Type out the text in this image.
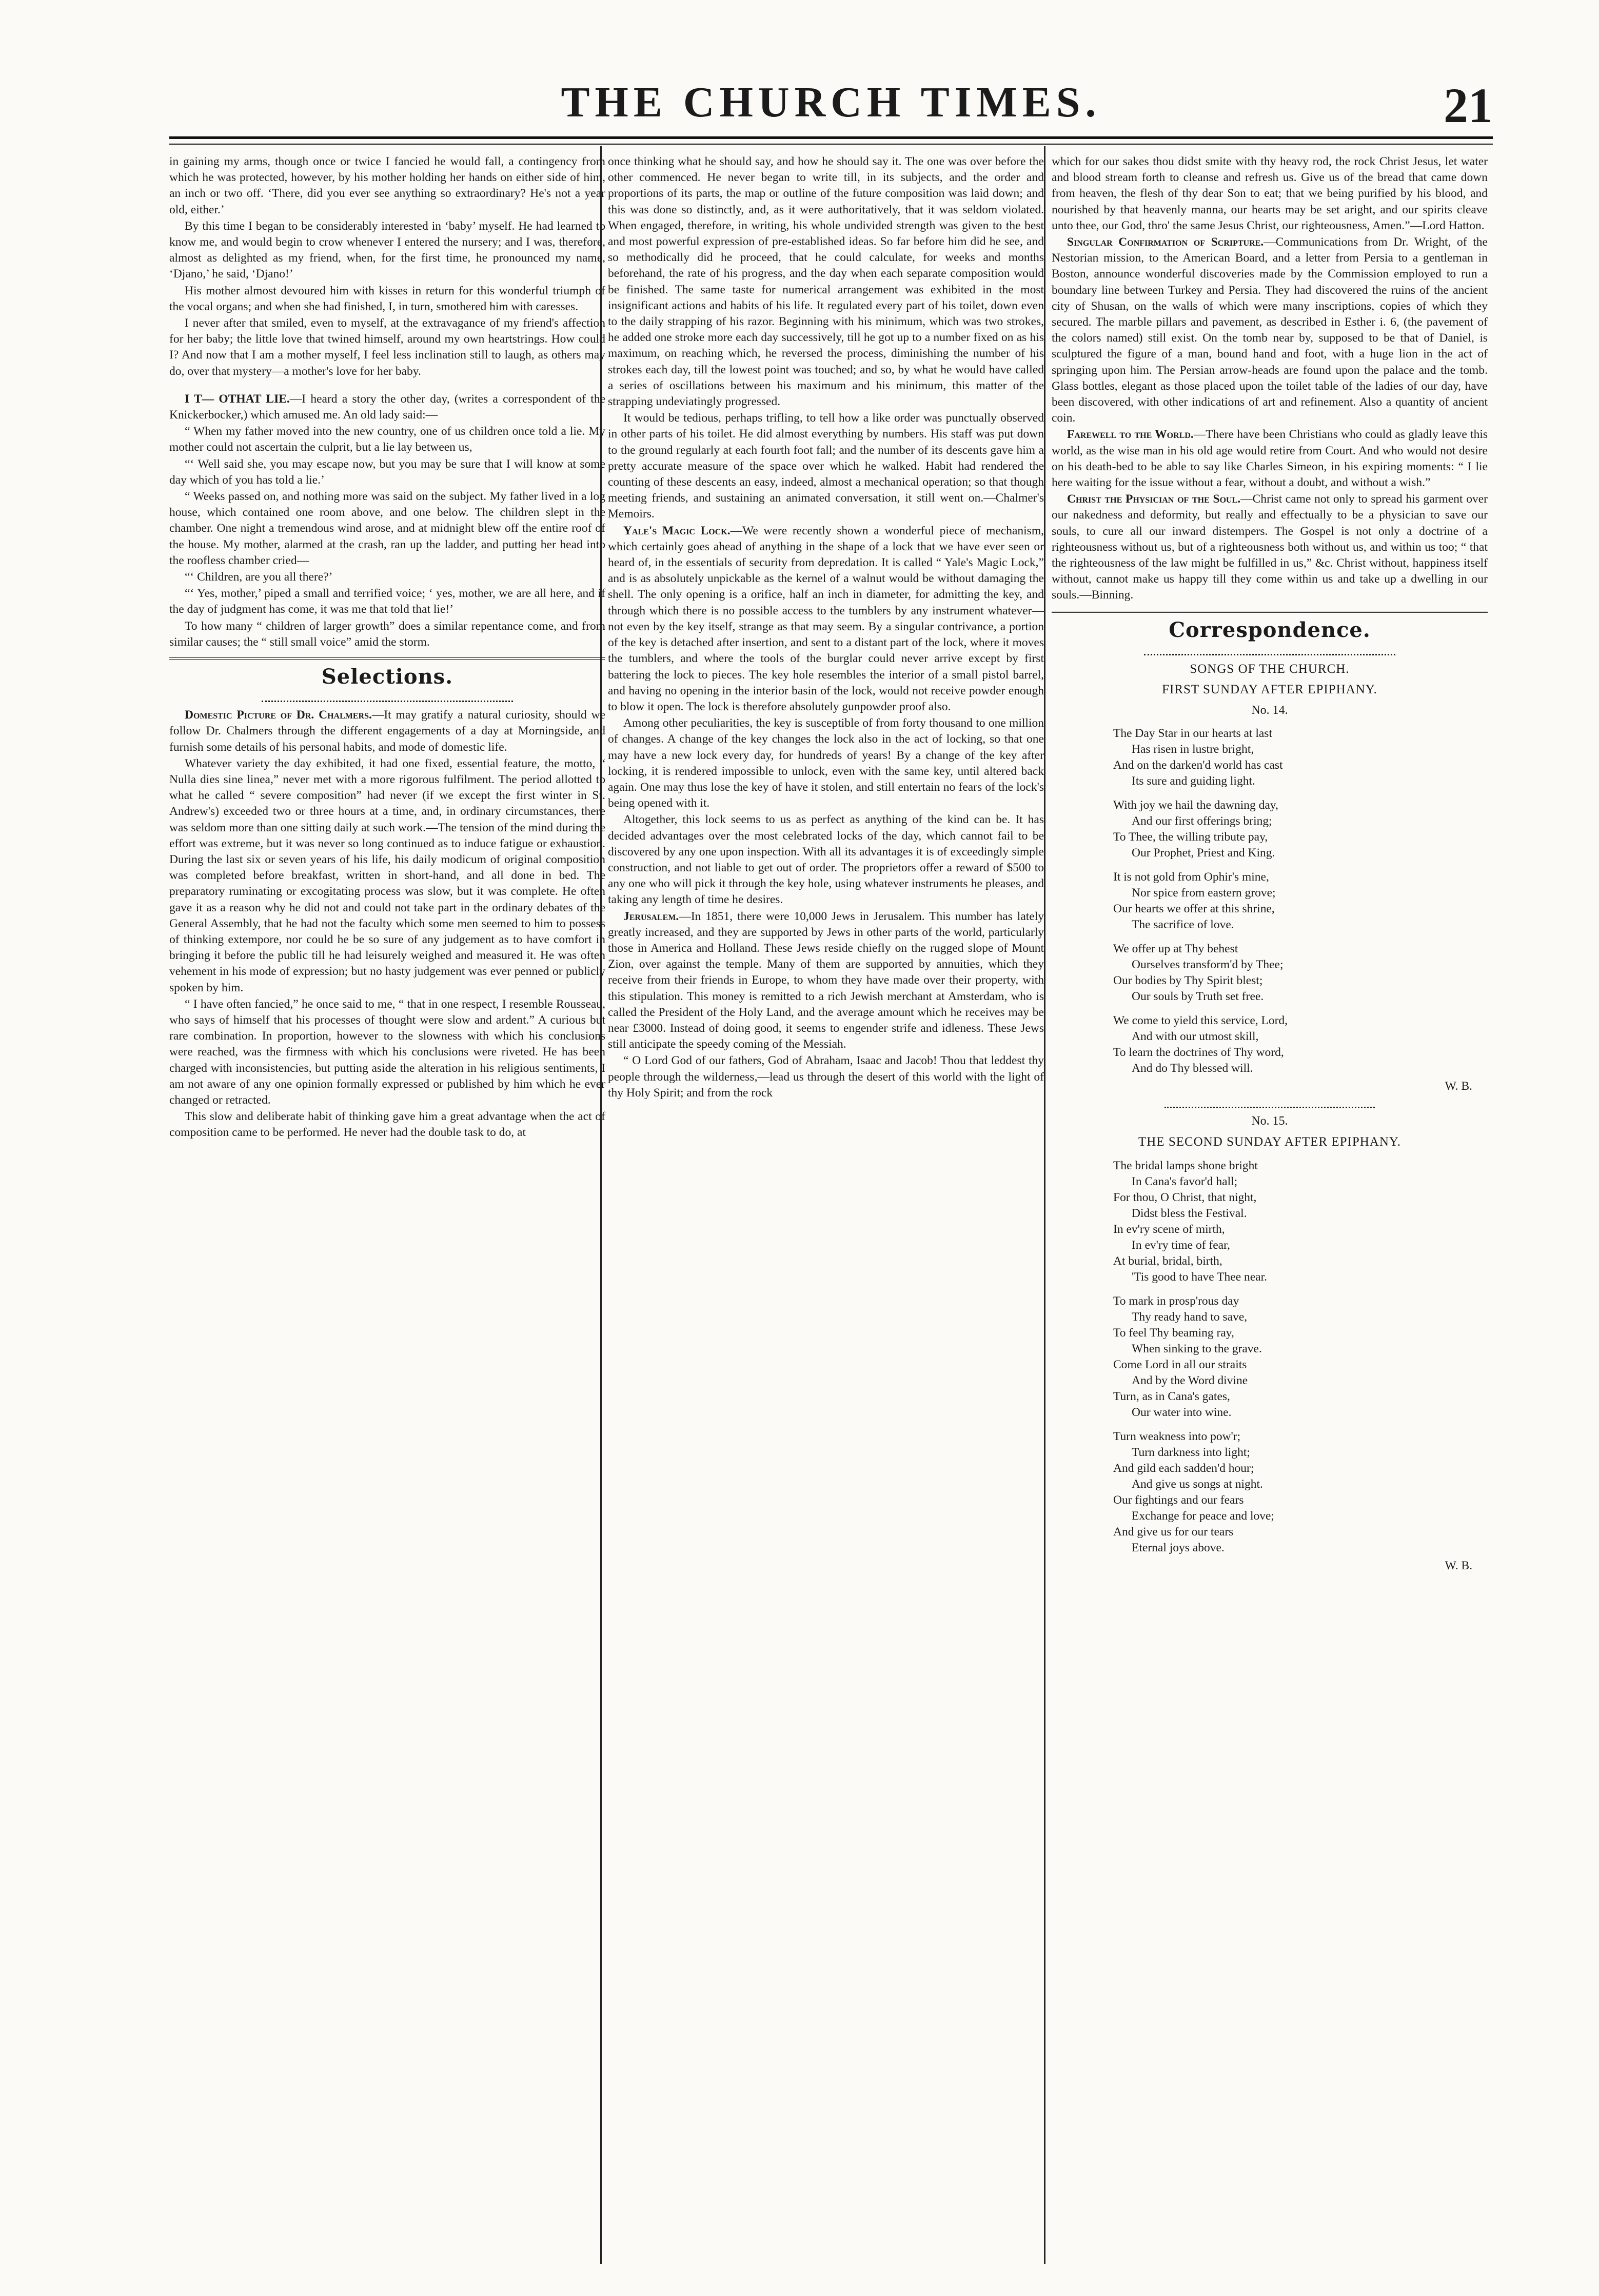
THE CHURCH TIMES.	21

in gaining my arms, though once or twice I fancied he would fall, a contingency from which he was protected, however, by his mother holding her hands on either side of him, an inch or two off. ‘There, did you ever see anything so extraordinary? He's not a year old, either.’

By this time I began to be considerably interested in ‘baby’ myself. He had learned to know me, and would begin to crow whenever I entered the nursery; and I was, therefore, almost as delighted as my friend, when, for the first time, he pronounced my name, ‘Djano,’ he said, ‘Djano!’

His mother almost devoured him with kisses in return for this wonderful triumph of the vocal organs; and when she had finished, I, in turn, smothered him with caresses.

I never after that smiled, even to myself, at the extravagance of my friend's affection for her baby; the little love that twined himself, around my own heartstrings. How could I? And now that I am a mother myself, I feel less inclination still to laugh, as others may do, over that mystery—a mother's love for her baby.

I T— OTHAT LIE.—I heard a story the other day, (writes a correspondent of the Knickerbocker,) which amused me. An old lady said:—

“ When my father moved into the new country, one of us children once told a lie. My mother could not ascertain the culprit, but a lie lay between us,

“‘ Well said she, you may escape now, but you may be sure that I will know at some day which of you has told a lie.’

“ Weeks passed on, and nothing more was said on the subject. My father lived in a log house, which contained one room above, and one below. The children slept in the chamber. One night a tremendous wind arose, and at midnight blew off the entire roof of the house. My mother, alarmed at the crash, ran up the ladder, and putting her head into the roofless chamber cried—

“‘ Children, are you all there?’

“‘ Yes, mother,’ piped a small and terrified voice; ‘ yes, mother, we are all here, and if the day of judgment has come, it was me that told that lie!’

To how many “ children of larger growth” does a similar repentance come, and from similar causes; the “ still small voice” amid the storm.

Selections.

Domestic Picture of Dr. Chalmers.—It may gratify a natural curiosity, should we follow Dr. Chalmers through the different engagements of a day at Morningside, and furnish some details of his personal habits, and mode of domestic life.

Whatever variety the day exhibited, it had one fixed, essential feature, the motto, “ Nulla dies sine linea,” never met with a more rigorous fulfilment. The period allotted to what he called “ severe composition” had never (if we except the first winter in St. Andrew's) exceeded two or three hours at a time, and, in ordinary circumstances, there was seldom more than one sitting daily at such work.—The tension of the mind during the effort was extreme, but it was never so long continued as to induce fatigue or exhaustion. During the last six or seven years of his life, his daily modicum of original composition was completed before breakfast, written in short-hand, and all done in bed. The preparatory ruminating or excogitating process was slow, but it was complete. He often gave it as a reason why he did not and could not take part in the ordinary debates of the General Assembly, that he had not the faculty which some men seemed to him to possess of thinking extempore, nor could he be so sure of any judgement as to have comfort in bringing it before the public till he had leisurely weighed and measured it. He was often vehement in his mode of expression; but no hasty judgement was ever penned or publicly spoken by him.

“ I have often fancied,” he once said to me, “ that in one respect, I resemble Rousseau, who says of himself that his processes of thought were slow and ardent.” A curious but rare combination. In proportion, however to the slowness with which his conclusions were reached, was the firmness with which his conclusions were riveted. He has been charged with inconsistencies, but putting aside the alteration in his religious sentiments, I am not aware of any one opinion formally expressed or published by him which he ever changed or retracted.

This slow and deliberate habit of thinking gave him a great advantage when the act of composition came to be performed. He never had the double task to do, at

once thinking what he should say, and how he should say it. The one was over before the other commenced. He never began to write till, in its subjects, and the order and proportions of its parts, the map or outline of the future composition was laid down; and this was done so distinctly, and, as it were authoritatively, that it was seldom violated. When engaged, therefore, in writing, his whole undivided strength was given to the best and most powerful expression of pre-established ideas. So far before him did he see, and so methodically did he proceed, that he could calculate, for weeks and months beforehand, the rate of his progress, and the day when each separate composition would be finished. The same taste for numerical arrangement was exhibited in the most insignificant actions and habits of his life. It regulated every part of his toilet, down even to the daily strapping of his razor. Beginning with his minimum, which was two strokes, he added one stroke more each day successively, till he got up to a number fixed on as his maximum, on reaching which, he reversed the process, diminishing the number of his strokes each day, till the lowest point was touched; and so, by what he would have called a series of oscillations between his maximum and his minimum, this matter of the strapping undeviatingly progressed.

It would be tedious, perhaps trifling, to tell how a like order was punctually observed in other parts of his toilet. He did almost everything by numbers. His staff was put down to the ground regularly at each fourth foot fall; and the number of its descents gave him a pretty accurate measure of the space over which he walked. Habit had rendered the counting of these descents an easy, indeed, almost a mechanical operation; so that though meeting friends, and sustaining an animated conversation, it still went on.—Chalmer's Memoirs.

Yale's Magic Lock.—We were recently shown a wonderful piece of mechanism, which certainly goes ahead of anything in the shape of a lock that we have ever seen or heard of, in the essentials of security from depredation. It is called “ Yale's Magic Lock,” and is as absolutely unpickable as the kernel of a walnut would be without damaging the shell. The only opening is a orifice, half an inch in diameter, for admitting the key, and through which there is no possible access to the tumblers by any instrument whatever—not even by the key itself, strange as that may seem. By a singular contrivance, a portion of the key is detached after insertion, and sent to a distant part of the lock, where it moves the tumblers, and where the tools of the burglar could never arrive except by first battering the lock to pieces. The key hole resembles the interior of a small pistol barrel, and having no opening in the interior basin of the lock, would not receive powder enough to blow it open. The lock is therefore absolutely gunpowder proof also.

Among other peculiarities, the key is susceptible of from forty thousand to one million of changes. A change of the key changes the lock also in the act of locking, so that one may have a new lock every day, for hundreds of years! By a change of the key after locking, it is rendered impossible to unlock, even with the same key, until altered back again. One may thus lose the key of have it stolen, and still entertain no fears of the lock's being opened with it.

Altogether, this lock seems to us as perfect as anything of the kind can be. It has decided advantages over the most celebrated locks of the day, which cannot fail to be discovered by any one upon inspection. With all its advantages it is of exceedingly simple construction, and not liable to get out of order. The proprietors offer a reward of $500 to any one who will pick it through the key hole, using whatever instruments he pleases, and taking any length of time he desires.

Jerusalem.—In 1851, there were 10,000 Jews in Jerusalem. This number has lately greatly increased, and they are supported by Jews in other parts of the world, particularly those in America and Holland. These Jews reside chiefly on the rugged slope of Mount Zion, over against the temple. Many of them are supported by annuities, which they receive from their friends in Europe, to whom they have made over their property, with this stipulation. This money is remitted to a rich Jewish merchant at Amsterdam, who is called the President of the Holy Land, and the average amount which he receives may be near £3000. Instead of doing good, it seems to engender strife and idleness. These Jews still anticipate the speedy coming of the Messiah.

“ O Lord God of our fathers, God of Abraham, Isaac and Jacob! Thou that leddest thy people through the wilderness,—lead us through the desert of this world with the light of thy Holy Spirit; and from the rock

which for our sakes thou didst smite with thy heavy rod, the rock Christ Jesus, let water and blood stream forth to cleanse and refresh us. Give us of the bread that came down from heaven, the flesh of thy dear Son to eat; that we being purified by his blood, and nourished by that heavenly manna, our hearts may be set aright, and our spirits cleave unto thee, our God, thro' the same Jesus Christ, our righteousness, Amen.”—Lord Hatton.

Singular Confirmation of Scripture.—Communications from Dr. Wright, of the Nestorian mission, to the American Board, and a letter from Persia to a gentleman in Boston, announce wonderful discoveries made by the Commission employed to run a boundary line between Turkey and Persia. They had discovered the ruins of the ancient city of Shusan, on the walls of which were many inscriptions, copies of which they secured. The marble pillars and pavement, as described in Esther i. 6, (the pavement of the colors named) still exist. On the tomb near by, supposed to be that of Daniel, is sculptured the figure of a man, bound hand and foot, with a huge lion in the act of springing upon him. The Persian arrow-heads are found upon the palace and the tomb. Glass bottles, elegant as those placed upon the toilet table of the ladies of our day, have been discovered, with other indications of art and refinement. Also a quantity of ancient coin.

Farewell to the World.—There have been Christians who could as gladly leave this world, as the wise man in his old age would retire from Court. And who would not desire on his death-bed to be able to say like Charles Simeon, in his expiring moments: “ I lie here waiting for the issue without a fear, without a doubt, and without a wish.”

Christ the Physician of the Soul.—Christ came not only to spread his garment over our nakedness and deformity, but really and effectually to be a physician to save our souls, to cure all our inward distempers. The Gospel is not only a doctrine of a righteousness without us, but of a righteousness both without us, and within us too; “ that the righteousness of the law might be fulfilled in us,” &c. Christ without, happiness itself without, cannot make us happy till they come within us and take up a dwelling in our souls.—Binning.

Correspondence.
SONGS OF THE CHURCH.
FIRST SUNDAY AFTER EPIPHANY.
No. 14.
The Day Star in our hearts at last
Has risen in lustre bright,
And on the darken'd world has cast
Its sure and guiding light.
With joy we hail the dawning day,
And our first offerings bring;
To Thee, the willing tribute pay,
Our Prophet, Priest and King.
It is not gold from Ophir's mine,
Nor spice from eastern grove;
Our hearts we offer at this shrine,
The sacrifice of love.
We offer up at Thy behest
Ourselves transform'd by Thee;
Our bodies by Thy Spirit blest;
Our souls by Truth set free.
We come to yield this service, Lord,
And with our utmost skill,
To learn the doctrines of Thy word,
And do Thy blessed will.
W. B.
No. 15.
THE SECOND SUNDAY AFTER EPIPHANY.
The bridal lamps shone bright
In Cana's favor'd hall;
For thou, O Christ, that night,
Didst bless the Festival.
In ev'ry scene of mirth,
In ev'ry time of fear,
At burial, bridal, birth,
'Tis good to have Thee near.
To mark in prosp'rous day
Thy ready hand to save,
To feel Thy beaming ray,
When sinking to the grave.
Come Lord in all our straits
And by the Word divine
Turn, as in Cana's gates,
Our water into wine.
Turn weakness into pow'r;
Turn darkness into light;
And gild each sadden'd hour;
And give us songs at night.
Our fightings and our fears
Exchange for peace and love;
And give us for our tears
Eternal joys above.
W. B.
